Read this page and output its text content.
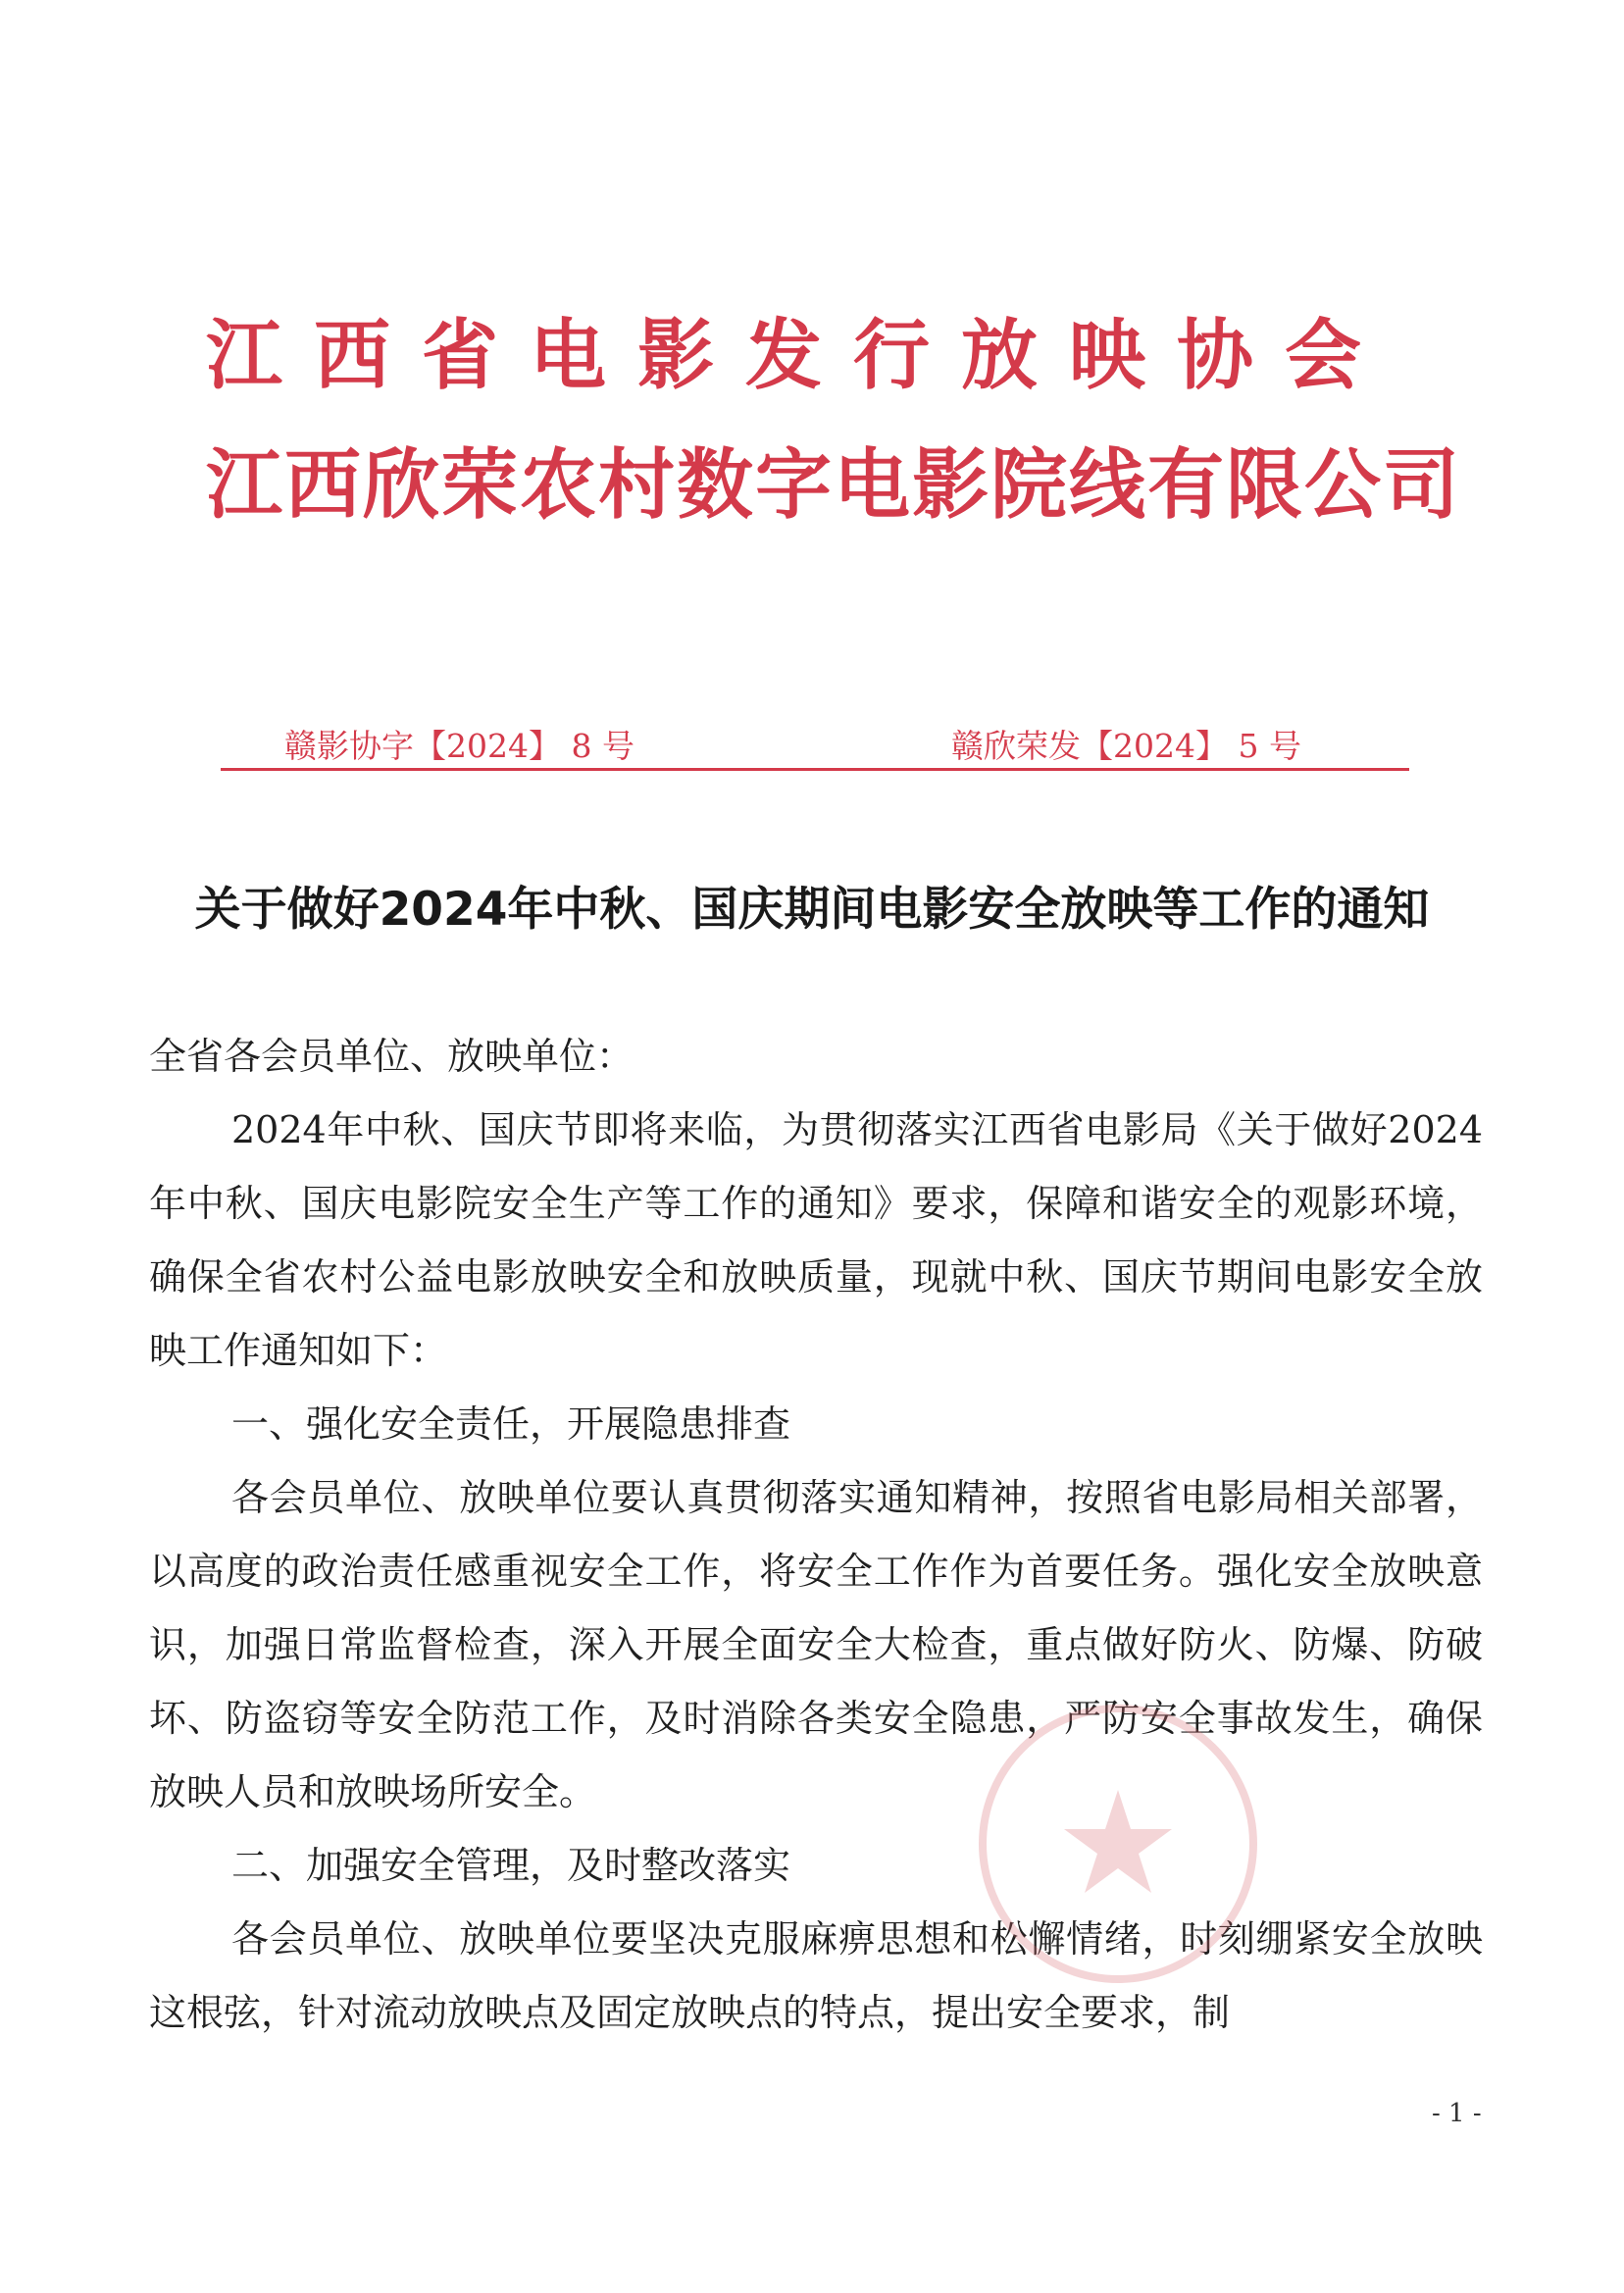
江西省电影发行放映协会
江西欣荣农村数字电影院线有限公司
赣影协字【2024】 8 号	赣欣荣发【2024】 5 号
关于做好2024年中秋、国庆期间电影安全放映等工作的通知

全省各会员单位、放映单位：

2024年中秋、国庆节即将来临，为贯彻落实江西省电影局《关于做好2024年中秋、国庆电影院安全生产等工作的通知》要求，保障和谐安全的观影环境，确保全省农村公益电影放映安全和放映质量，现就中秋、国庆节期间电影安全放映工作通知如下：

一、强化安全责任，开展隐患排查

各会员单位、放映单位要认真贯彻落实通知精神，按照省电影局相关部署，以高度的政治责任感重视安全工作，将安全工作作为首要任务。强化安全放映意识，加强日常监督检查，深入开展全面安全大检查，重点做好防火、防爆、防破坏、防盗窃等安全防范工作，及时消除各类安全隐患，严防安全事故发生，确保放映人员和放映场所安全。

二、加强安全管理，及时整改落实

各会员单位、放映单位要坚决克服麻痹思想和松懈情绪，时刻绷紧安全放映这根弦，针对流动放映点及固定放映点的特点，提出安全要求，制

- 1 -
